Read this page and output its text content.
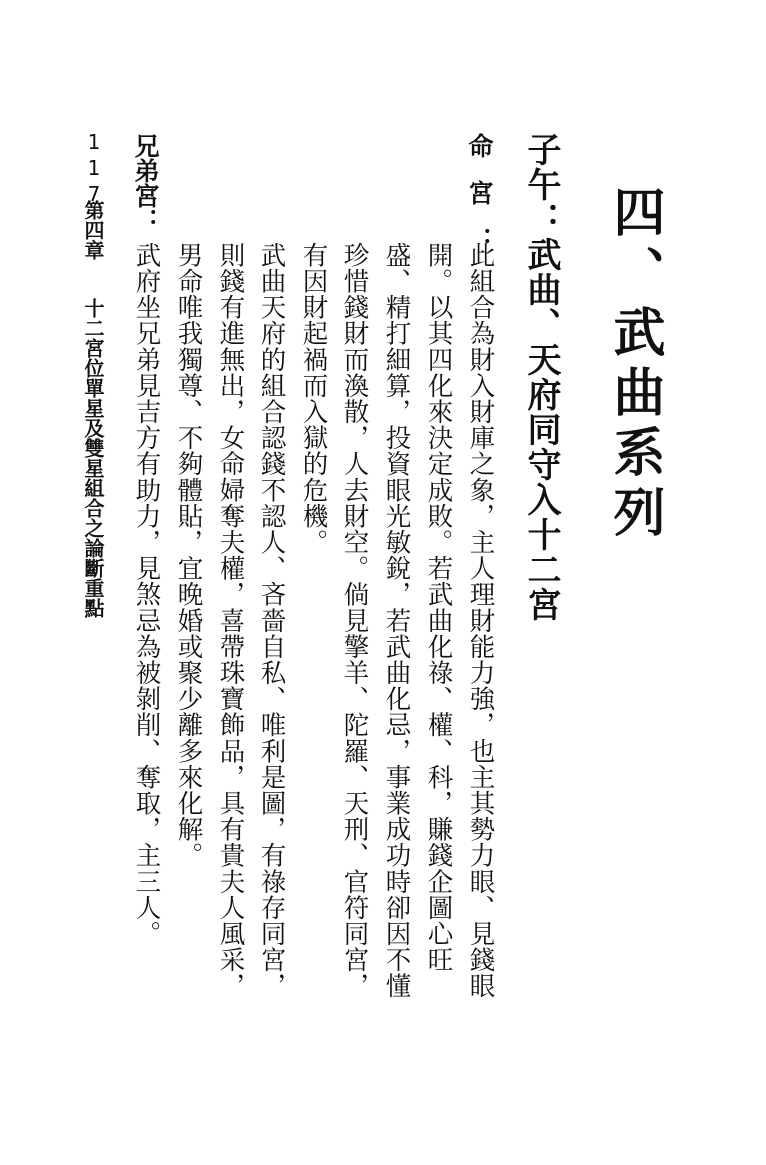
四、武曲系列
子午：武曲、天府同守入十二宮
命宮：
此組合為財入財庫之象，主人理財能力強，也主其勢力眼、見錢眼
開。以其四化來決定成敗。若武曲化祿、權、科，賺錢企圖心旺
盛、精打細算，投資眼光敏銳，若武曲化忌，事業成功時卻因不懂
珍惜錢財而渙散，人去財空。倘見擎羊、陀羅、天刑、官符同宮，
有因財起禍而入獄的危機。
武曲天府的組合認錢不認人、吝嗇自私、唯利是圖，有祿存同宮，
則錢有進無出，女命婦奪夫權，喜帶珠寶飾品，具有貴夫人風采，
男命唯我獨尊、不夠體貼，宜晚婚或聚少離多來化解。
兄弟宮：
武府坐兄弟見吉方有助力，見煞忌為被剝削、奪取，主三人。
117
第四章
十二宮位單星及雙星組合之論斷重點
